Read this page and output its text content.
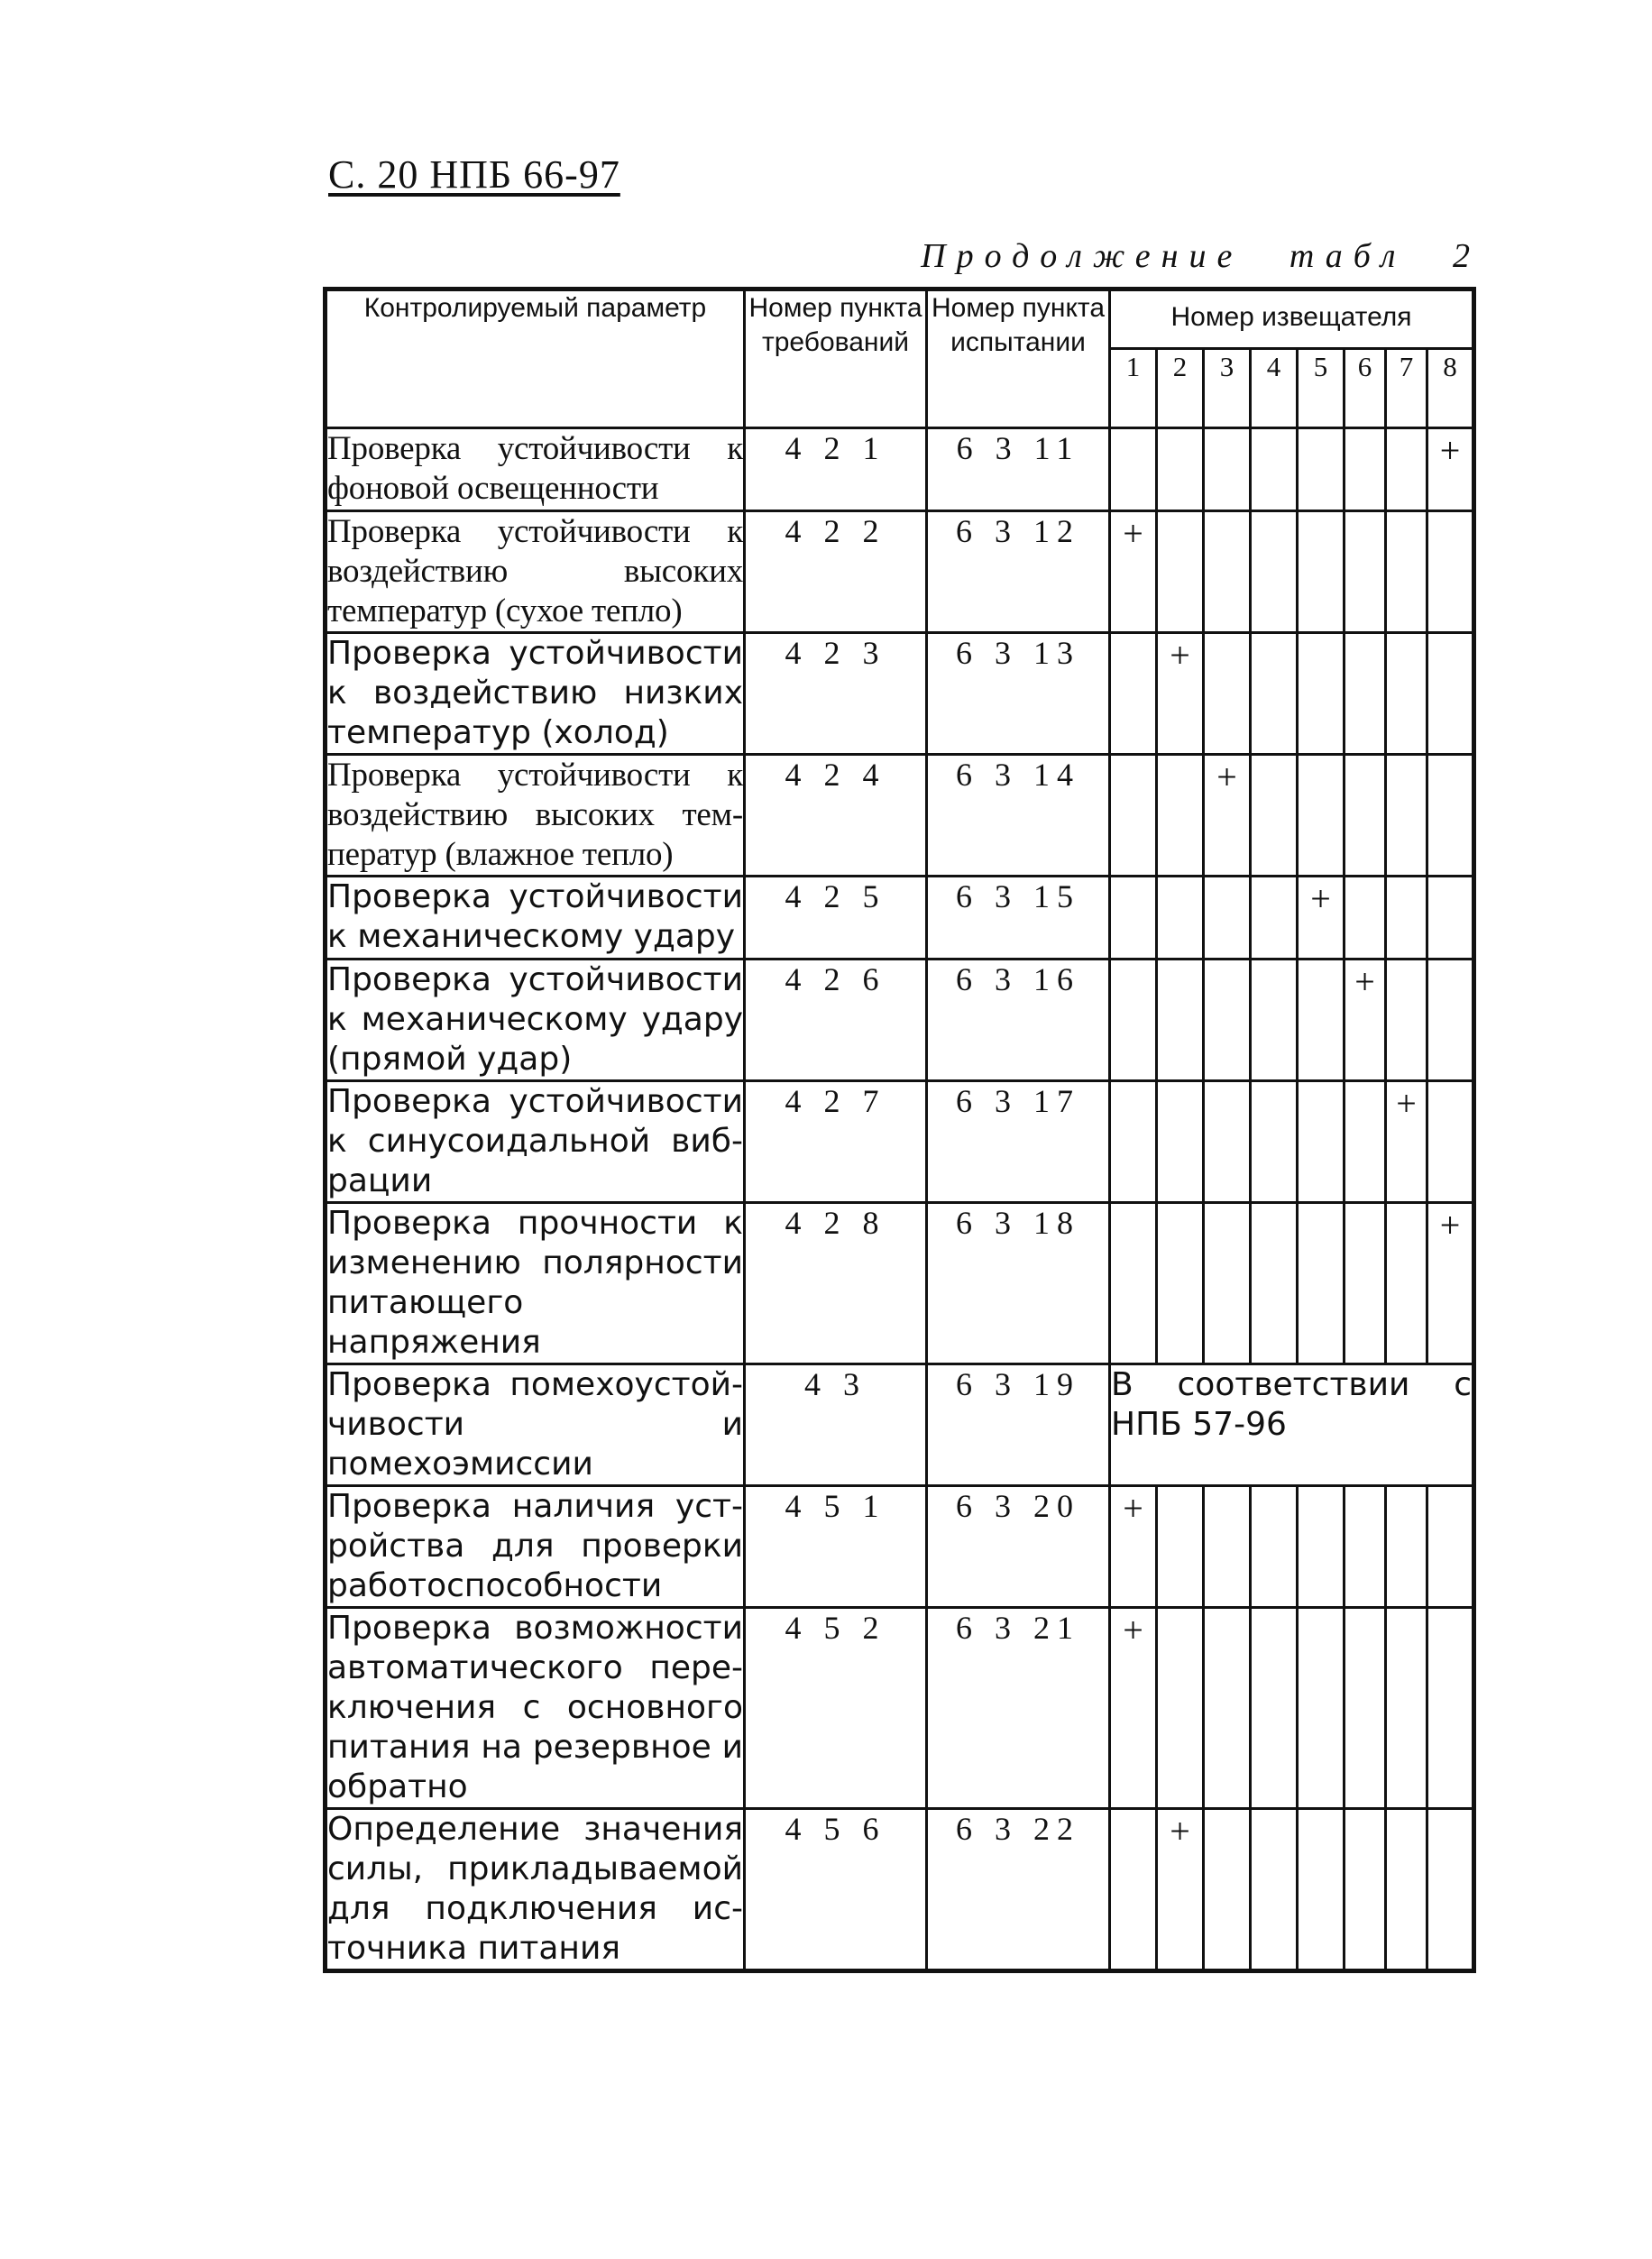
С. 20 НПБ 66-97
Продолжение табл 2
Контролируемый параметр	Номер пункта требований	Номер пункта испытании	Номер извещателя							
			1	2	3	4	5	6	7	8
Проверка устойчивости к фоновой освещенности	4 2 1	6 3 11								+
Проверка устойчивости к воздействию высоких температур (сухое тепло)	4 2 2	6 3 12	+							
Проверка устойчивости к воздействию низких температур (холод)	4 2 3	6 3 13		+						
Проверка устойчивости к воздействию высоких тем-ператур (влажное тепло)	4 2 4	6 3 14			+					
Проверка устойчивости к механическому удару	4 2 5	6 3 15					+			
Проверка устойчивости к механическому удару (прямой удар)	4 2 6	6 3 16						+		
Проверка устойчивости к синусоидальной виб-рации	4 2 7	6 3 17							+	
Проверка прочности к изменению полярности питающего напряжения	4 2 8	6 3 18								+
Проверка помехоустой-чивости и помехоэмиссии	4 3	6 3 19	В соответствии с
НПБ 57-96							

Проверка наличия уст-ройства для проверки работоспособности	4 5 1	6 3 20	+							
Проверка возможности автоматического пере-ключения с основного питания на резервное и обратно	4 5 2	6 3 21	+							
Определение значения силы, прикладываемой для подключения ис-точника питания	4 5 6	6 3 22		+						
